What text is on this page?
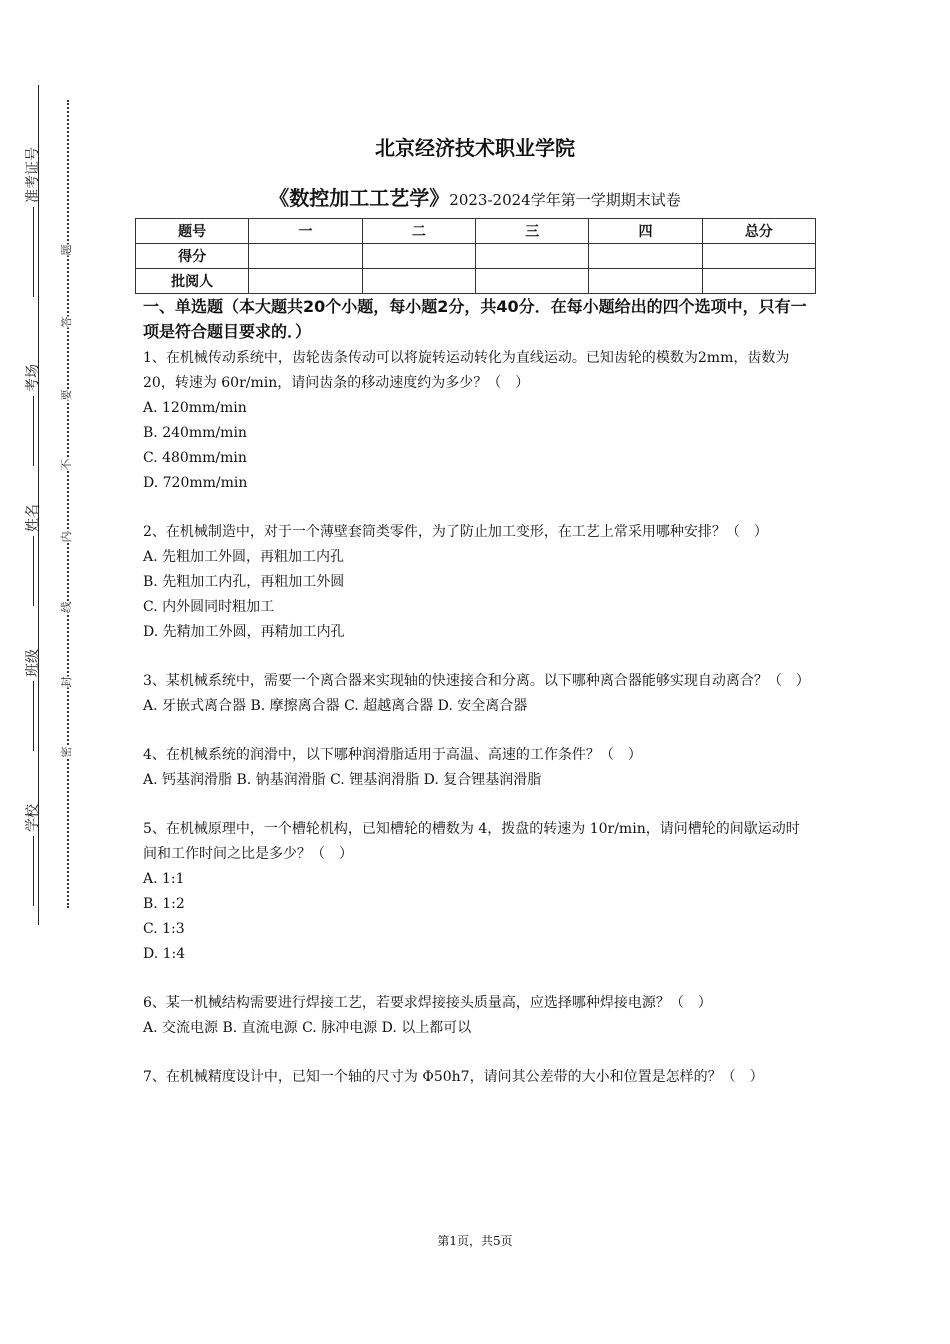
准考证号
考场
姓名
班级
学校
题
答
要
不
内
线
封
密
北京经济技术职业学院
《数控加工工艺学》2023-2024学年第一学期期末试卷
题号	一	二	三	四	总分
得分					
批阅人					

一、单选题（本大题共20个小题，每小题2分，共40分．在每小题给出的四个选项中，只有一项是符合题目要求的．）

1、在机械传动系统中，齿轮齿条传动可以将旋转运动转化为直线运动。已知齿轮的模数为2mm，齿数为 20，转速为 60r/min，请问齿条的移动速度约为多少？（　）

A. 120mm/min

B. 240mm/min

C. 480mm/min

D. 720mm/min

2、在机械制造中，对于一个薄壁套筒类零件，为了防止加工变形，在工艺上常采用哪种安排？（　）

A. 先粗加工外圆，再粗加工内孔

B. 先粗加工内孔，再粗加工外圆

C. 内外圆同时粗加工

D. 先精加工外圆，再精加工内孔

3、某机械系统中，需要一个离合器来实现轴的快速接合和分离。以下哪种离合器能够实现自动离合？（　）

A. 牙嵌式离合器 B. 摩擦离合器 C. 超越离合器 D. 安全离合器

4、在机械系统的润滑中，以下哪种润滑脂适用于高温、高速的工作条件？（　）

A. 钙基润滑脂 B. 钠基润滑脂 C. 锂基润滑脂 D. 复合锂基润滑脂

5、在机械原理中，一个槽轮机构，已知槽轮的槽数为 4，拨盘的转速为 10r/min，请问槽轮的间歇运动时间和工作时间之比是多少？（　）

A. 1:1

B. 1:2

C. 1:3

D. 1:4

6、某一机械结构需要进行焊接工艺，若要求焊接接头质量高，应选择哪种焊接电源？（　）

A. 交流电源 B. 直流电源 C. 脉冲电源 D. 以上都可以

7、在机械精度设计中，已知一个轴的尺寸为 Φ50h7，请问其公差带的大小和位置是怎样的？（　）

第1页，共5页
